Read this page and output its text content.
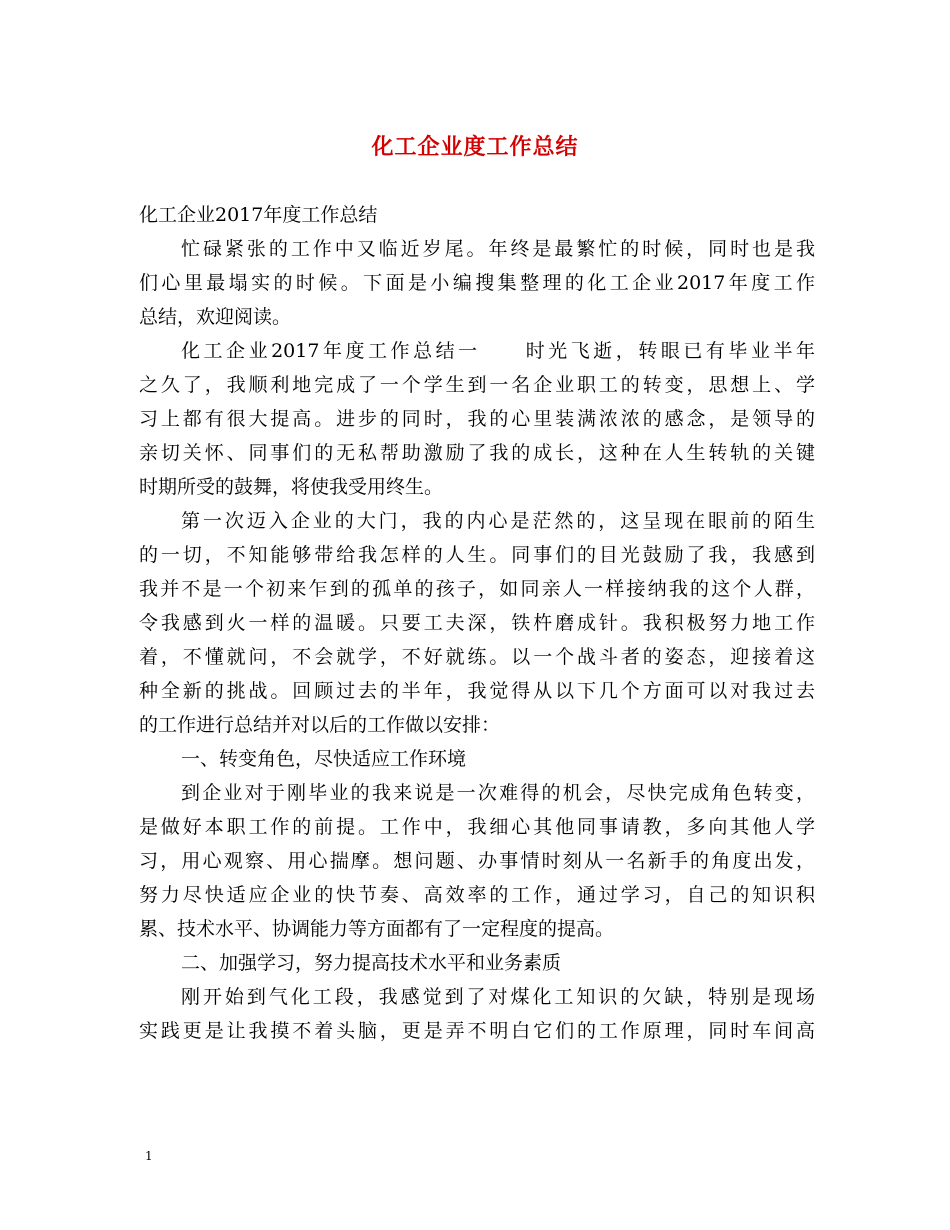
化工企业度工作总结
化工企业2017年度工作总结
忙碌紧张的工作中又临近岁尾。年终是最繁忙的时候，同时也是我
们心里最塌实的时候。下面是小编搜集整理的化工企业2017年度工作
总结，欢迎阅读。
化工企业2017年度工作总结一　　时光飞逝，转眼已有毕业半年
之久了，我顺利地完成了一个学生到一名企业职工的转变，思想上、学
习上都有很大提高。进步的同时，我的心里装满浓浓的感念，是领导的
亲切关怀、同事们的无私帮助激励了我的成长，这种在人生转轨的关键
时期所受的鼓舞，将使我受用终生。
第一次迈入企业的大门，我的内心是茫然的，这呈现在眼前的陌生
的一切，不知能够带给我怎样的人生。同事们的目光鼓励了我，我感到
我并不是一个初来乍到的孤单的孩子，如同亲人一样接纳我的这个人群，
令我感到火一样的温暖。只要工夫深，铁杵磨成针。我积极努力地工作
着，不懂就问，不会就学，不好就练。以一个战斗者的姿态，迎接着这
种全新的挑战。回顾过去的半年，我觉得从以下几个方面可以对我过去
的工作进行总结并对以后的工作做以安排：
一、转变角色，尽快适应工作环境
到企业对于刚毕业的我来说是一次难得的机会，尽快完成角色转变，
是做好本职工作的前提。工作中，我细心其他同事请教，多向其他人学
习，用心观察、用心揣摩。想问题、办事情时刻从一名新手的角度出发，
努力尽快适应企业的快节奏、高效率的工作，通过学习，自己的知识积
累、技术水平、协调能力等方面都有了一定程度的提高。
二、加强学习，努力提高技术水平和业务素质
刚开始到气化工段，我感觉到了对煤化工知识的欠缺，特别是现场
实践更是让我摸不着头脑，更是弄不明白它们的工作原理，同时车间高
1
